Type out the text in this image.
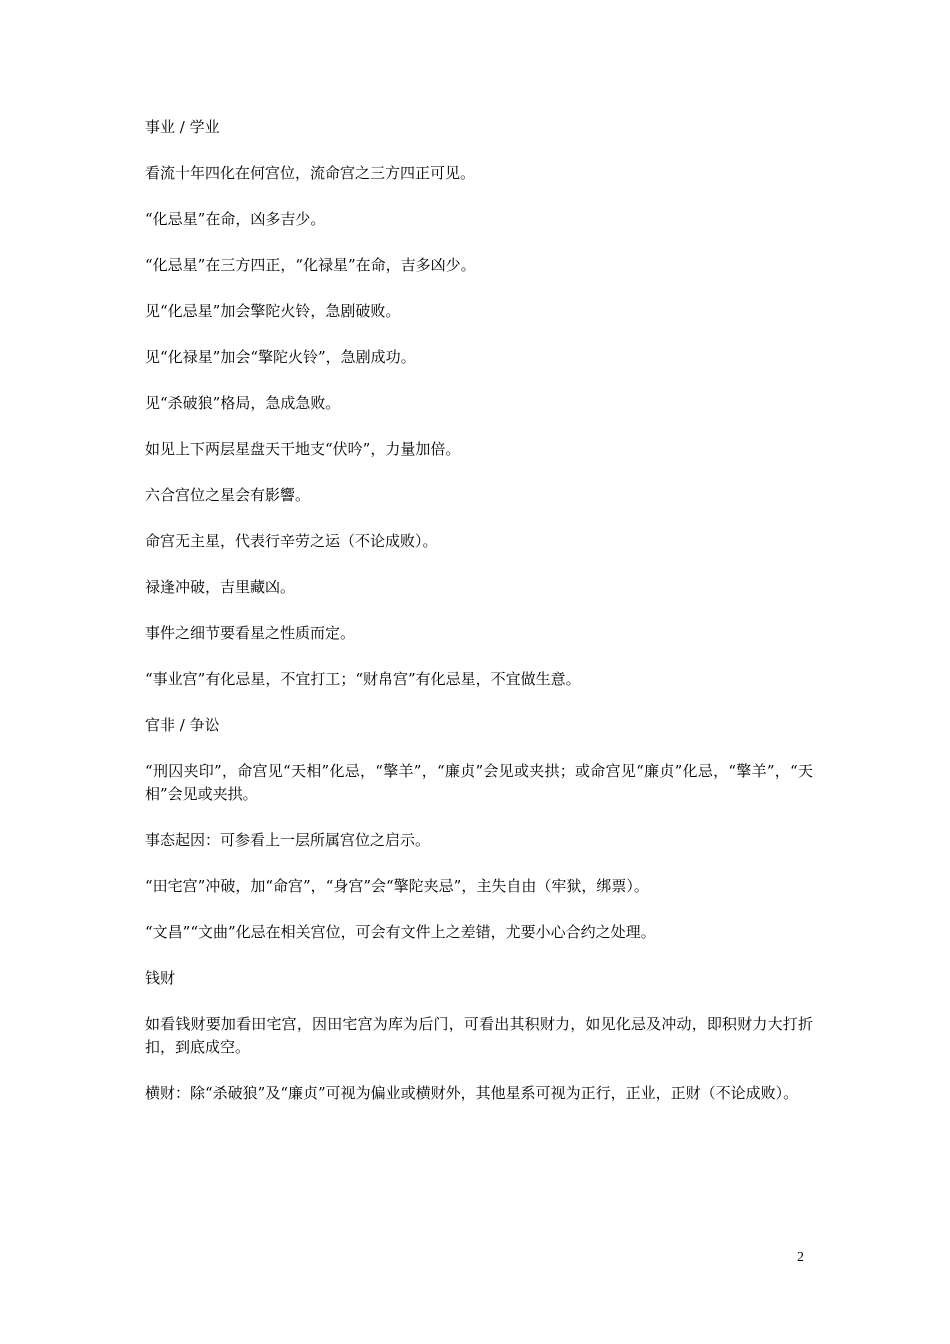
事业 / 学业

看流十年四化在何宫位，流命宫之三方四正可见。

“化忌星”在命，凶多吉少。

“化忌星”在三方四正，“化禄星”在命，吉多凶少。

见“化忌星”加会擎陀火铃，急剧破败。

见“化禄星”加会“擎陀火铃”，急剧成功。

见“杀破狼”格局，急成急败。

如见上下两层星盘天干地支“伏吟”，力量加倍。

六合宫位之星会有影響。

命宫无主星，代表行辛劳之运（不论成败）。

禄逢冲破，吉里藏凶。

事件之细节要看星之性质而定。

“事业宫”有化忌星，不宜打工；“财帛宫”有化忌星，不宜做生意。

官非 / 争讼

“刑囚夹印”，命宫见“天相”化忌，“擎羊”，“廉贞”会见或夹拱；或命宫见“廉贞”化忌，“擎羊”，“天相”会见或夹拱。

事态起因：可参看上一层所属宫位之启示。

“田宅宫”冲破，加“命宫”，“身宫”会“擎陀夹忌”，主失自由（牢狱，绑票）。

“文昌”“文曲”化忌在相关宫位，可会有文件上之差错，尤要小心合约之处理。

钱财

如看钱财要加看田宅宫，因田宅宫为库为后门，可看出其积财力，如见化忌及冲动，即积财力大打折扣，到底成空。

横财：除“杀破狼”及“廉贞”可视为偏业或横财外，其他星系可视为正行，正业，正财（不论成败）。

2
